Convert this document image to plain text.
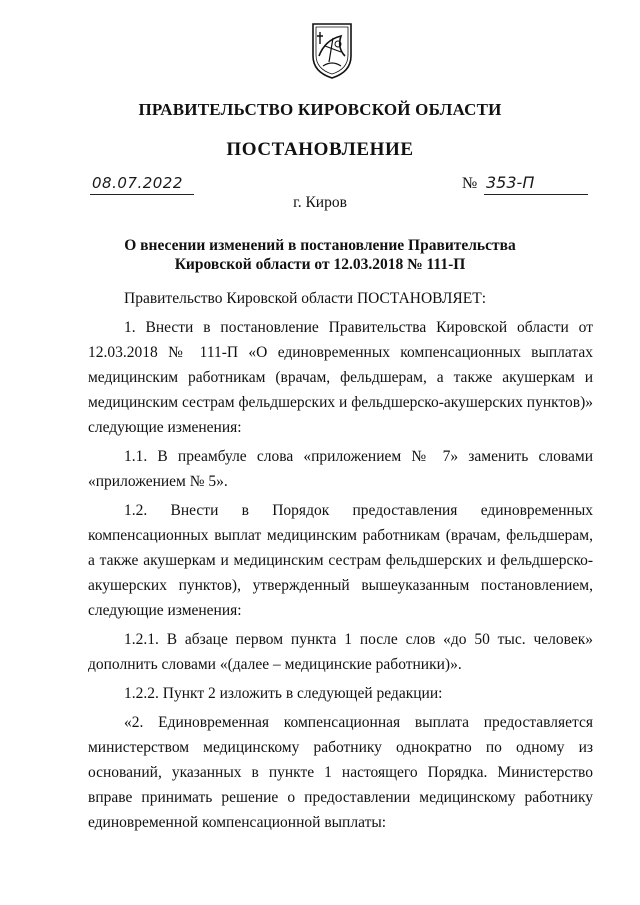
ПРАВИТЕЛЬСТВО КИРОВСКОЙ ОБЛАСТИ
ПОСТАНОВЛЕНИЕ
08.07.2022	№ 353-П
г. Киров
О внесении изменений в постановление Правительства
Кировской области от 12.03.2018 № 111-П

Правительство Кировской области ПОСТАНОВЛЯЕТ:

1. Внести в постановление Правительства Кировской области от 12.03.2018 № 111-П «О единовременных компенсационных выплатах медицинским работникам (врачам, фельдшерам, а также акушеркам и медицинским сестрам фельдшерских и фельдшерско-акушерских пунктов)» следующие изменения:

1.1. В преамбуле слова «приложением № 7» заменить словами «приложением № 5».

1.2. Внести в Порядок предоставления единовременных компенсационных выплат медицинским работникам (врачам, фельдшерам, а также акушеркам и медицинским сестрам фельдшерских и фельдшерско-акушерских пунктов), утвержденный вышеуказанным постановлением, следующие изменения:

1.2.1. В абзаце первом пункта 1 после слов «до 50 тыс. человек» дополнить словами «(далее – медицинские работники)».

1.2.2. Пункт 2 изложить в следующей редакции:

«2. Единовременная компенсационная выплата предоставляется министерством медицинскому работнику однократно по одному из оснований, указанных в пункте 1 настоящего Порядка. Министерство вправе принимать решение о предоставлении медицинскому работнику единовременной компенсационной выплаты:
